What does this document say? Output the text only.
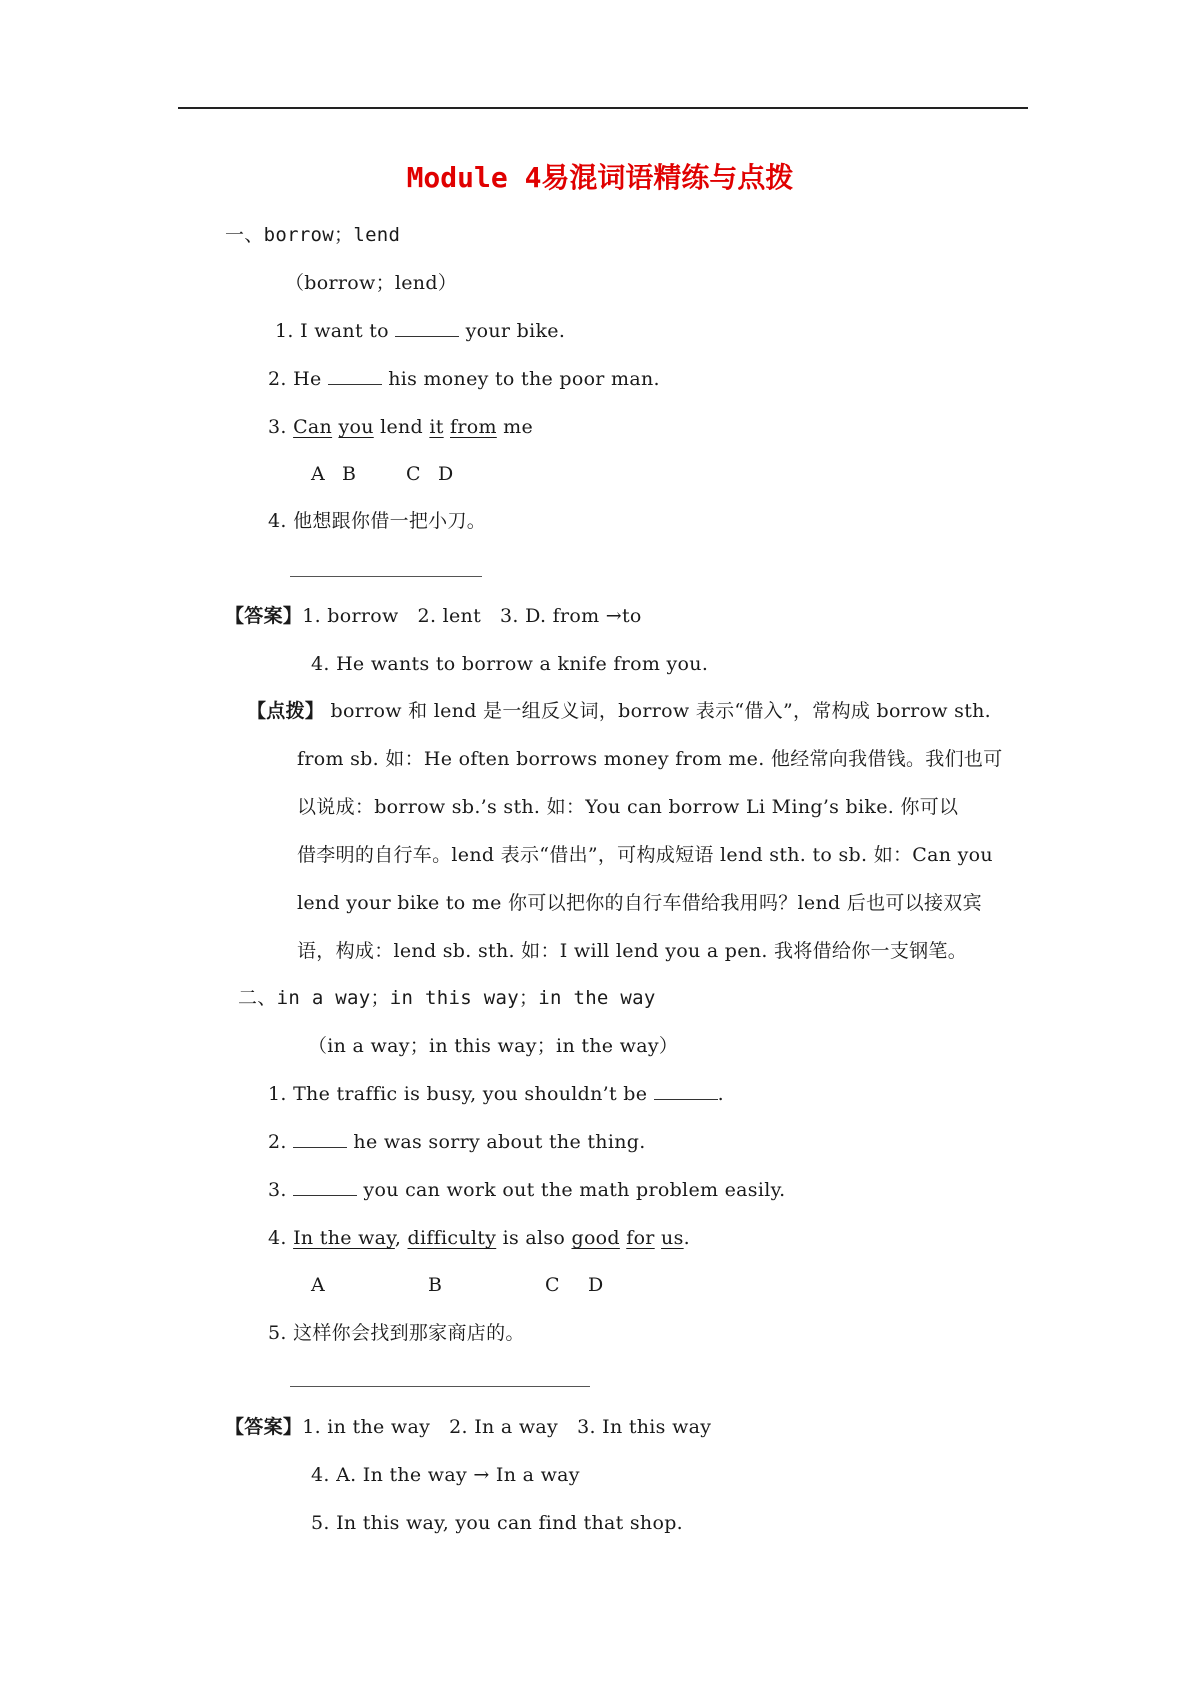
Module 4易混词语精练与点拨
一、borrow；lend
（borrow；lend）
1. I want to	your bike.
2. He	his money to the poor man.
3. Can you lend it from me
A B	C D
4. 他想跟你借一把小刀。
【答案】1. borrow   2. lent   3. D. from →to
4. He wants to borrow a knife from you.
【点拨】 borrow 和 lend 是一组反义词，borrow 表示“借入”，常构成 borrow sth.
from sb. 如：He often borrows money from me. 他经常向我借钱。我们也可
以说成：borrow sb.’s sth. 如：You can borrow Li Ming’s bike. 你可以
借李明的自行车。lend 表示“借出”，可构成短语 lend sth. to sb. 如：Can you
lend your bike to me 你可以把你的自行车借给我用吗？lend 后也可以接双宾
语，构成：lend sb. sth. 如：I will lend you a pen. 我将借给你一支钢笔。
二、in a way；in this way；in the way
（in a way；in this way；in the way）
1. The traffic is busy, you shouldn’t be	.
2.	he was sorry about the thing.
3.	you can work out the math problem easily.
4. In the way, difficulty is also good for us.
A	B	C D
5. 这样你会找到那家商店的。
【答案】1. in the way   2. In a way   3. In this way
4. A. In the way → In a way
5. In this way, you can find that shop.
